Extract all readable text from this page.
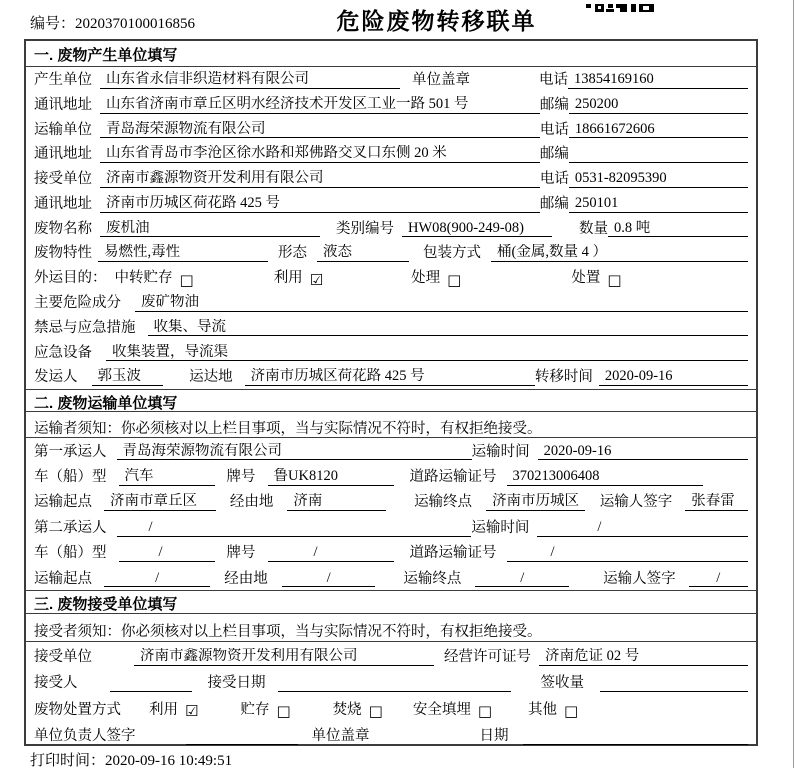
编号：2020370100016856	危险废物转移联单
一. 废物产生单位填写
产生单位 山东省永信非织造材料有限公司	单位盖章	电话 13854169160
通讯地址 山东省济南市章丘区明水经济技术开发区工业一路 501 号	邮编 250200
运输单位 青岛海荣源物流有限公司	电话 18661672606
通讯地址 山东省青岛市李沧区徐水路和郑佛路交叉口东侧 20 米	邮编
接受单位 济南市鑫源物资开发利用有限公司	电话 0531-82095390
通讯地址 济南市历城区荷花路 425 号	邮编 250101
废物名称 废机油	类别编号 HW08(900-249-08)	数量 0.8 吨
废物特性 易燃性,毒性	形态	液态	包装方式	桶(金属,数量 4 ）
外运目的： 中转贮存 □	利用 ☑	处理 □	处置 □
主要危险成分	废矿物油
禁忌与应急措施	收集、导流
应急设备	收集装置，导流渠
发运人	郭玉波	运达地	济南市历城区荷花路 425 号	转移时间 2020-09-16
二. 废物运输单位填写
运输者须知：你必须核对以上栏目事项，当与实际情况不符时，有权拒绝接受。
第一承运人	青岛海荣源物流有限公司	运输时间 2020-09-16
车（船）型	汽车	牌号	鲁UK8120	道路运输证号	370213006408
运输起点	济南市章丘区	经由地	济南	运输终点	济南市历城区	运输人签字	张春雷
第二承运人	/	运输时间	/
车（船）型	/	牌号	/	道路运输证号	/
运输起点	/	经由地	/	运输终点	/	运输人签字	/
三. 废物接受单位填写
接受者须知：你必须核对以上栏目事项，当与实际情况不符时，有权拒绝接受。
接受单位	济南市鑫源物资开发利用有限公司	经营许可证号 济南危证 02 号
接受人	接受日期	签收量
废物处置方式 利用 ☑	贮存 □	焚烧 □ 安全填埋 □ 其他 □
单位负责人签字	单位盖章	日期
打印时间：2020-09-16 10:49:51
